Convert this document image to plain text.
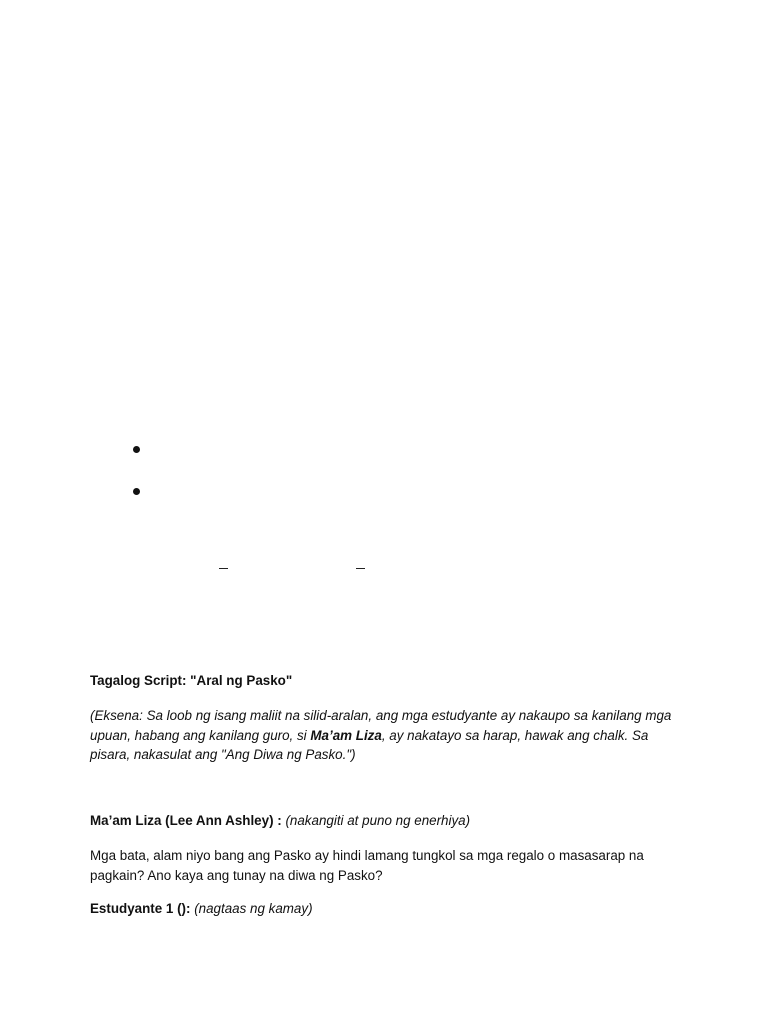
Tagalog Script: "Aral ng Pasko"
(Eksena: Sa loob ng isang maliit na silid-aralan, ang mga estudyante ay nakaupo sa kanilang mga upuan, habang ang kanilang guro, si Ma’am Liza, ay nakatayo sa harap, hawak ang chalk. Sa pisara, nakasulat ang "Ang Diwa ng Pasko.")
Ma’am Liza (Lee Ann Ashley) : (nakangiti at puno ng enerhiya)
Mga bata, alam niyo bang ang Pasko ay hindi lamang tungkol sa mga regalo o masasarap na pagkain? Ano kaya ang tunay na diwa ng Pasko?
Estudyante 1 (): (nagtaas ng kamay)
